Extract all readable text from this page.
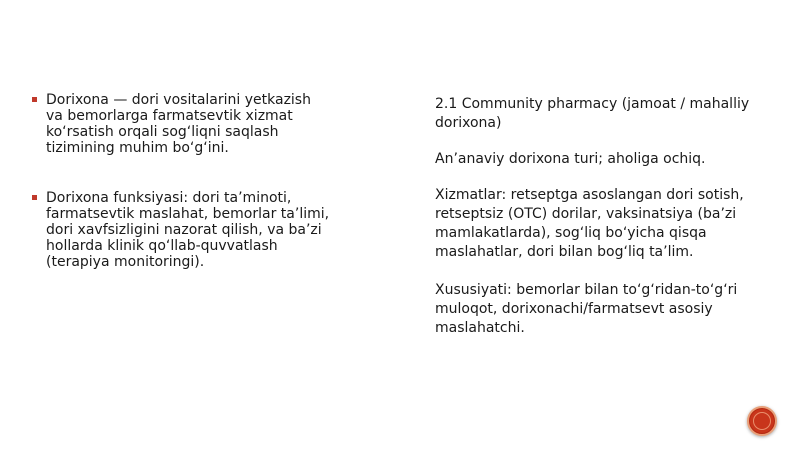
Dorixona — dori vositalarini yetkazish va bemorlarga farmatsevtik xizmat ko‘rsatish orqali sog‘liqni saqlash tizimining muhim bo‘g‘ini.
Dorixona funksiyasi: dori ta’minoti, farmatsevtik maslahat, bemorlar ta’limi, dori xavfsizligini nazorat qilish, va ba’zi hollarda klinik qo‘llab-quvvatlash (terapiya monitoringi).

2.1 Community pharmacy (jamoat / mahalliy dorixona)

An’anaviy dorixona turi; aholiga ochiq.

Xizmatlar: retseptga asoslangan dori sotish, retseptsiz (OTC) dorilar, vaksinatsiya (ba’zi mamlakatlarda), sog‘liq bo‘yicha qisqa maslahatlar, dori bilan bog‘liq ta’lim.

Xususiyati: bemorlar bilan to‘g‘ridan-to‘g‘ri muloqot, dorixonachi/farmatsevt asosiy maslahatchi.
